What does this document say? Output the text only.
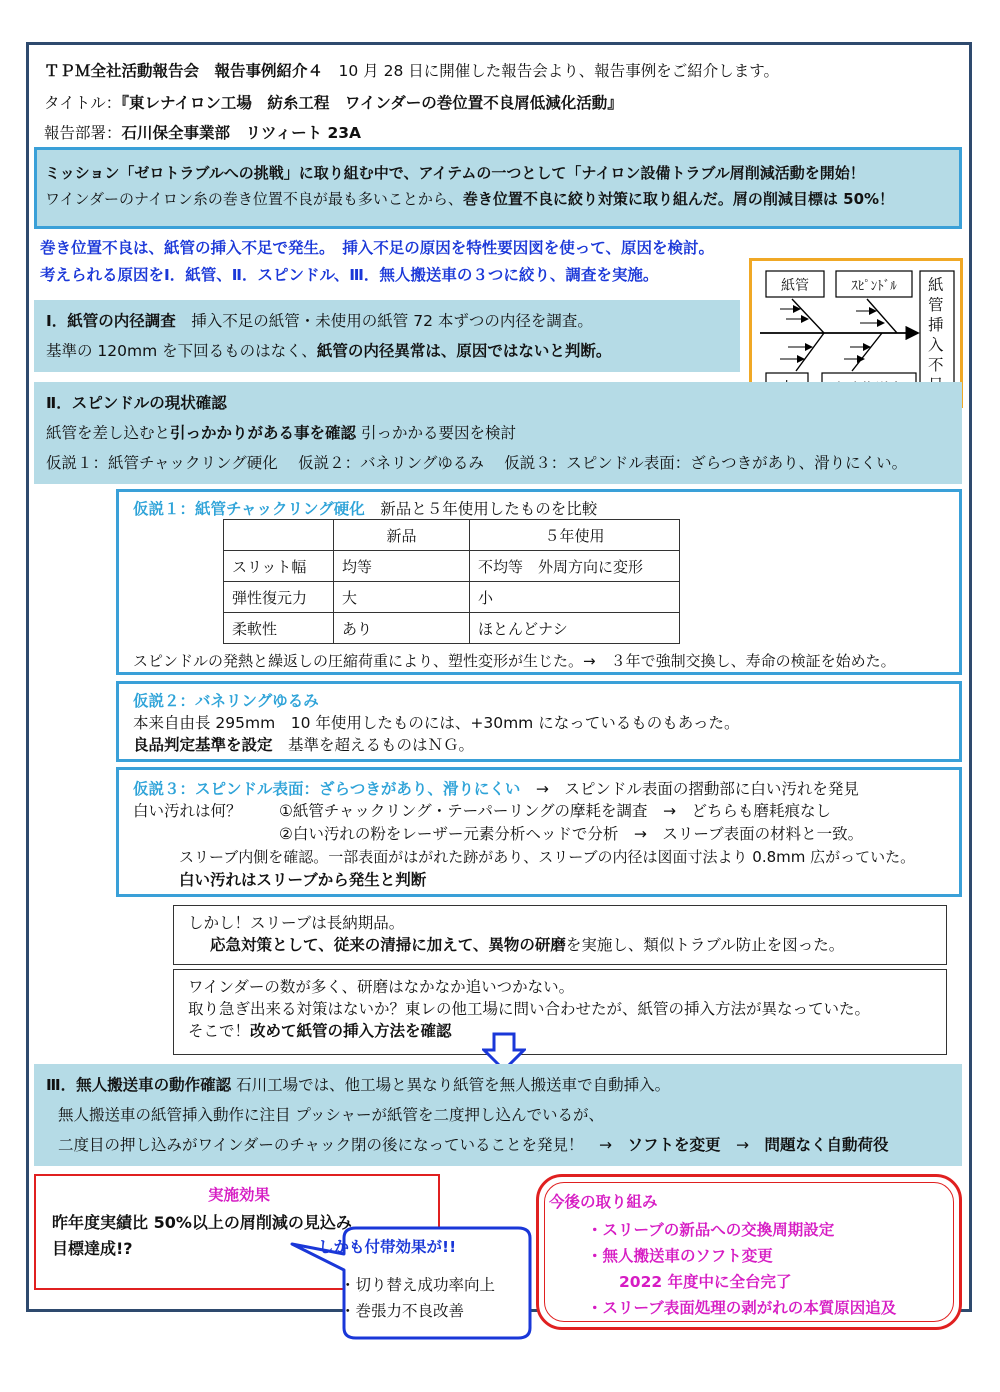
ＴＰＭ全社活動報告会　報告事例紹介４　10 月 28 日に開催した報告会より、報告事例をご紹介します。
タイトル：『東レナイロン工場　紡糸工程　ワインダーの巻位置不良屑低減化活動』
報告部署：石川保全事業部　リツィート 23A
ミッション「ゼロトラブルへの挑戦」に取り組む中で、アイテムの一つとして「ナイロン設備トラブル屑削減活動を開始！
ワインダーのナイロン糸の巻き位置不良が最も多いことから、巻き位置不良に絞り対策に取り組んだ。屑の削減目標は 50%！
巻き位置不良は、紙管の挿入不足で発生。　挿入不足の原因を特性要因図を使って、原因を検討。
考えられる原因をⅠ．紙管、Ⅱ．スピンドル、Ⅲ．無人搬送車の３つに絞り、調査を実施。
紙管	ｽﾋﾟﾝﾄﾞﾙ	紙管挿入不
Ⅰ．紙管の内径調査　挿入不足の紙管・未使用の紙管 72 本ずつの内径を調査。
基準の 120mm を下回るものはなく、紙管の内径異常は、原因ではないと判断。
Ⅱ．スピンドルの現状確認
紙管を差し込むと引っかかりがある事を確認 引っかかる要因を検討
仮説１：紙管チャックリング硬化　 仮説２：バネリングゆるみ　 仮説３：スピンドル表面：ざらつきがあり、滑りにくい。
仮説１：紙管チャックリング硬化　新品と５年使用したものを比較
	新品	５年使用
スリット幅	均等	不均等　外周方向に変形
弾性復元力	大	小
柔軟性	あり	ほとんどナシ
スピンドルの発熱と繰返しの圧縮荷重により、塑性変形が生じた。→　３年で強制交換し、寿命の検証を始めた。
仮説２：バネリングゆるみ
本来自由長 295mm　10 年使用したものには、+30mm になっているものもあった。
良品判定基準を設定　基準を超えるものはＮＧ。
仮説３：スピンドル表面：ざらつきがあり、滑りにくい　→　スピンドル表面の摺動部に白い汚れを発見
白い汚れは何？ ①紙管チャックリング・テーパーリングの摩耗を調査　→　どちらも磨耗痕なし
②白い汚れの粉をレーザー元素分析ヘッドで分析　→　スリーブ表面の材料と一致。
スリーブ内側を確認。一部表面がはがれた跡があり、スリーブの内径は図面寸法より 0.8mm 広がっていた。
白い汚れはスリーブから発生と判断
しかし！スリーブは長納期品。
応急対策として、従来の清掃に加えて、異物の研磨を実施し、類似トラブル防止を図った。
ワインダーの数が多く、研磨はなかなか追いつかない。
取り急ぎ出来る対策はないか？東レの他工場に問い合わせたが、紙管の挿入方法が異なっていた。
そこで！改めて紙管の挿入方法を確認
Ⅲ．無人搬送車の動作確認 石川工場では、他工場と異なり紙管を無人搬送車で自動挿入。
無人搬送車の紙管挿入動作に注目 プッシャーが紙管を二度押し込んでいるが、
二度目の押し込みがワインダーのチャック閉の後になっていることを発見！　→　ソフトを変更　→　問題なく自動荷役
実施効果
昨年度実績比 50%以上の屑削減の見込み
目標達成!?	しかも付帯効果が!!
・切り替え成功率向上
・巻張力不良改善
今後の取り組み
・スリーブの新品への交換周期設定
・無人搬送車のソフト変更
2022 年度中に全台完了
・スリーブ表面処理の剥がれの本質原因追及
